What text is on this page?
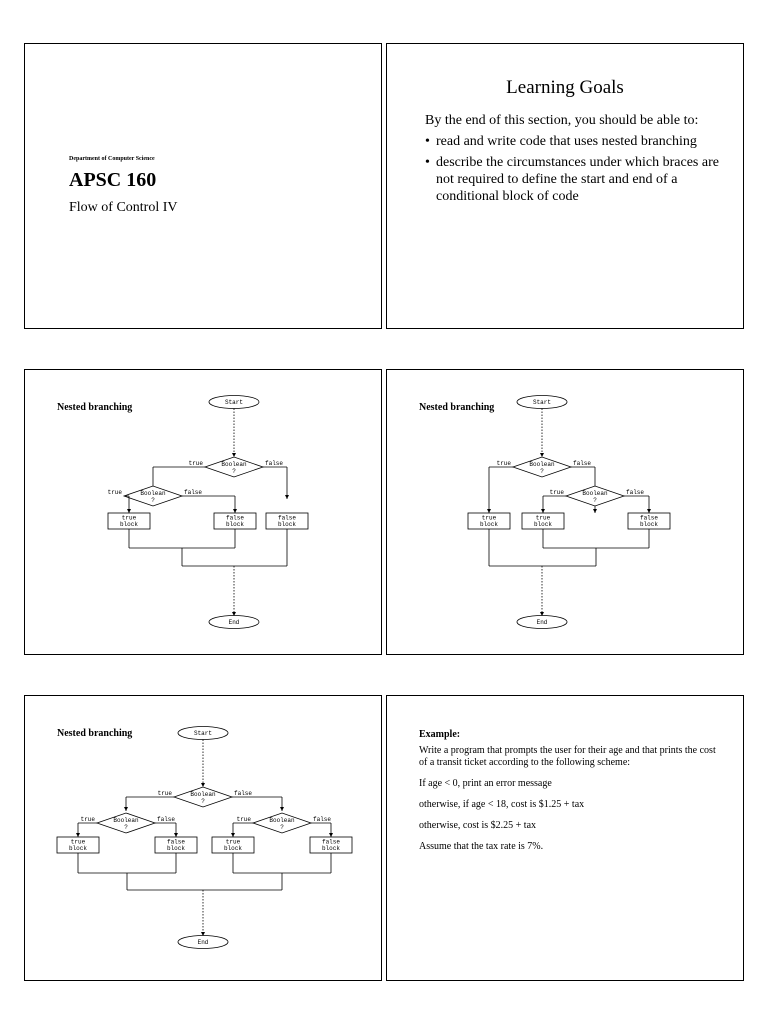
Department of Computer Science
APSC 160
Flow of Control IV
Learning Goals
By the end of this section, you should be able to:
• read and write code that uses nested branching
• describe the circumstances under which braces are not required to define the start and end of a conditional block of code
Nested branching	Start
Boolean
?
true	false
Boolean
?
true	false
true
block
false
block
false
block
End
Nested branching	Start
Boolean
?
true	false
Boolean
?
true	false
true
block
true
block
false
block
End
Nested branching	Start
Boolean
?
true	false
Boolean
?
true	false	Boolean
?
true	false
true
block
false
block
true
block
false
block
End
Example:
Write a program that prompts the user for their age and that prints the cost of a transit ticket according to the following scheme:
If age < 0, print an error message
otherwise, if age < 18, cost is $1.25 + tax
otherwise, cost is $2.25 + tax
Assume that the tax rate is 7%.
